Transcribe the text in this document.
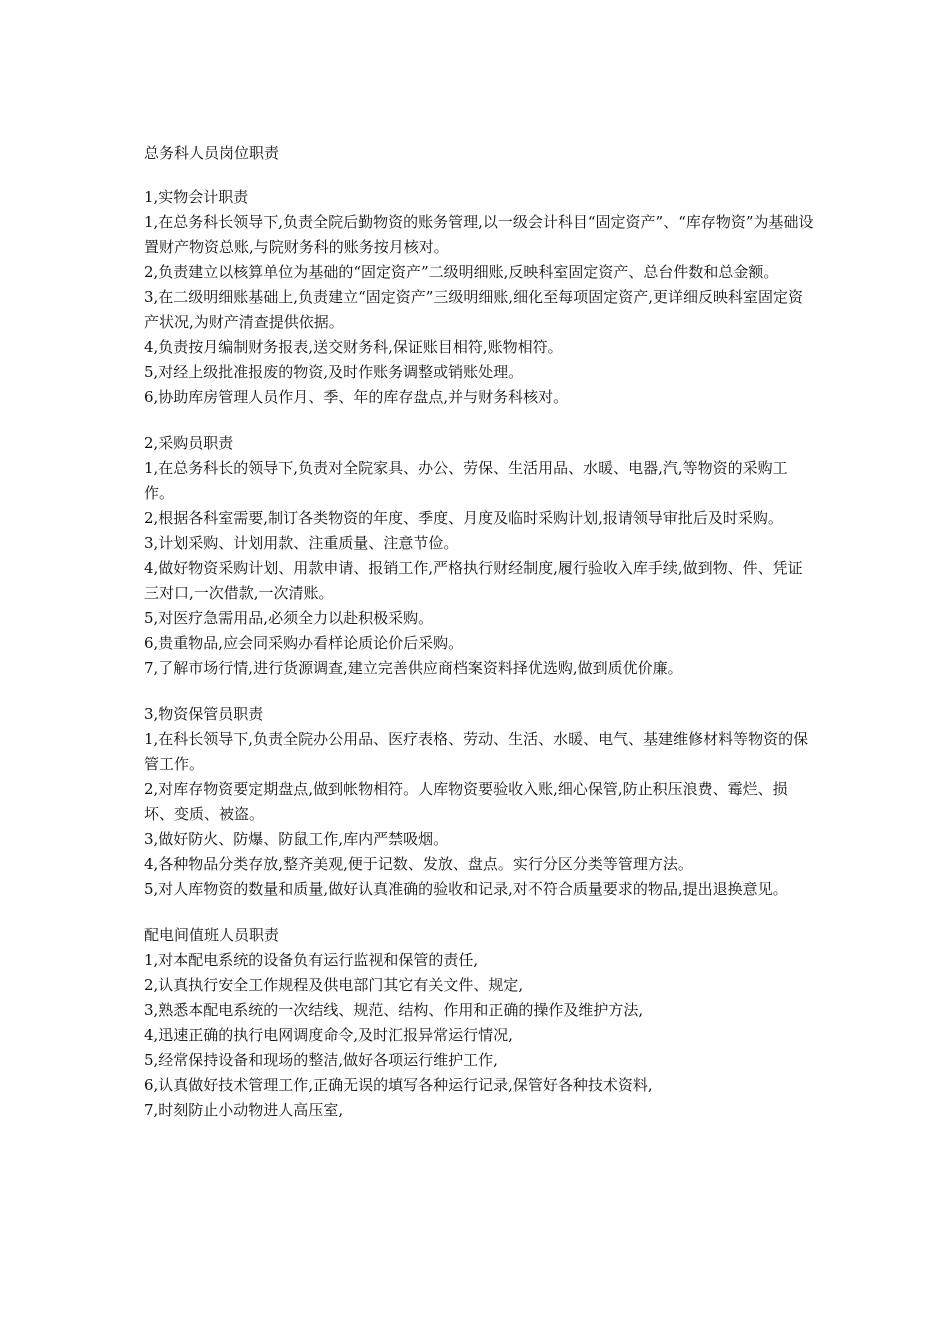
总务科人员岗位职责
1,实物会计职责
1,在总务科长领导下,负责全院后勤物资的账务管理,以一级会计科目“固定资产”、“库存物资”为基础设置财产物资总账,与院财务科的账务按月核对。
2,负责建立以核算单位为基础的“固定资产”二级明细账,反映科室固定资产、总台件数和总金额。
3,在二级明细账基础上,负责建立“固定资产”三级明细账,细化至每项固定资产,更详细反映科室固定资产状况,为财产清查提供依据。
4,负责按月编制财务报表,送交财务科,保证账目相符,账物相符。
5,对经上级批准报废的物资,及时作账务调整或销账处理。
6,协助库房管理人员作月、季、年的库存盘点,并与财务科核对。
2,采购员职责
1,在总务科长的领导下,负责对全院家具、办公、劳保、生活用品、水暖、电器,汽,等物资的采购工作。
2,根据各科室需要,制订各类物资的年度、季度、月度及临时采购计划,报请领导审批后及时采购。
3,计划采购、计划用款、注重质量、注意节俭。
4,做好物资采购计划、用款申请、报销工作,严格执行财经制度,履行验收入库手续,做到物、件、凭证三对口,一次借款,一次清账。
5,对医疗急需用品,必须全力以赴积极采购。
6,贵重物品,应会同采购办看样论质论价后采购。
7,了解市场行情,进行货源调查,建立完善供应商档案资料择优选购,做到质优价廉。
3,物资保管员职责
1,在科长领导下,负责全院办公用品、医疗表格、劳动、生活、水暖、电气、基建维修材料等物资的保管工作。
2,对库存物资要定期盘点,做到帐物相符。人库物资要验收入账,细心保管,防止积压浪费、霉烂、损坏、变质、被盗。
3,做好防火、防爆、防鼠工作,库内严禁吸烟。
4,各种物品分类存放,整齐美观,便于记数、发放、盘点。实行分区分类等管理方法。
5,对人库物资的数量和质量,做好认真准确的验收和记录,对不符合质量要求的物品,提出退换意见。
配电间值班人员职责
1,对本配电系统的设备负有运行监视和保管的责任,
2,认真执行安全工作规程及供电部门其它有关文件、规定,
3,熟悉本配电系统的一次结线、规范、结构、作用和正确的操作及维护方法,
4,迅速正确的执行电网调度命令,及时汇报异常运行情况,
5,经常保持设备和现场的整洁,做好各项运行维护工作,
6,认真做好技术管理工作,正确无误的填写各种运行记录,保管好各种技术资料,
7,时刻防止小动物进人高压室,
